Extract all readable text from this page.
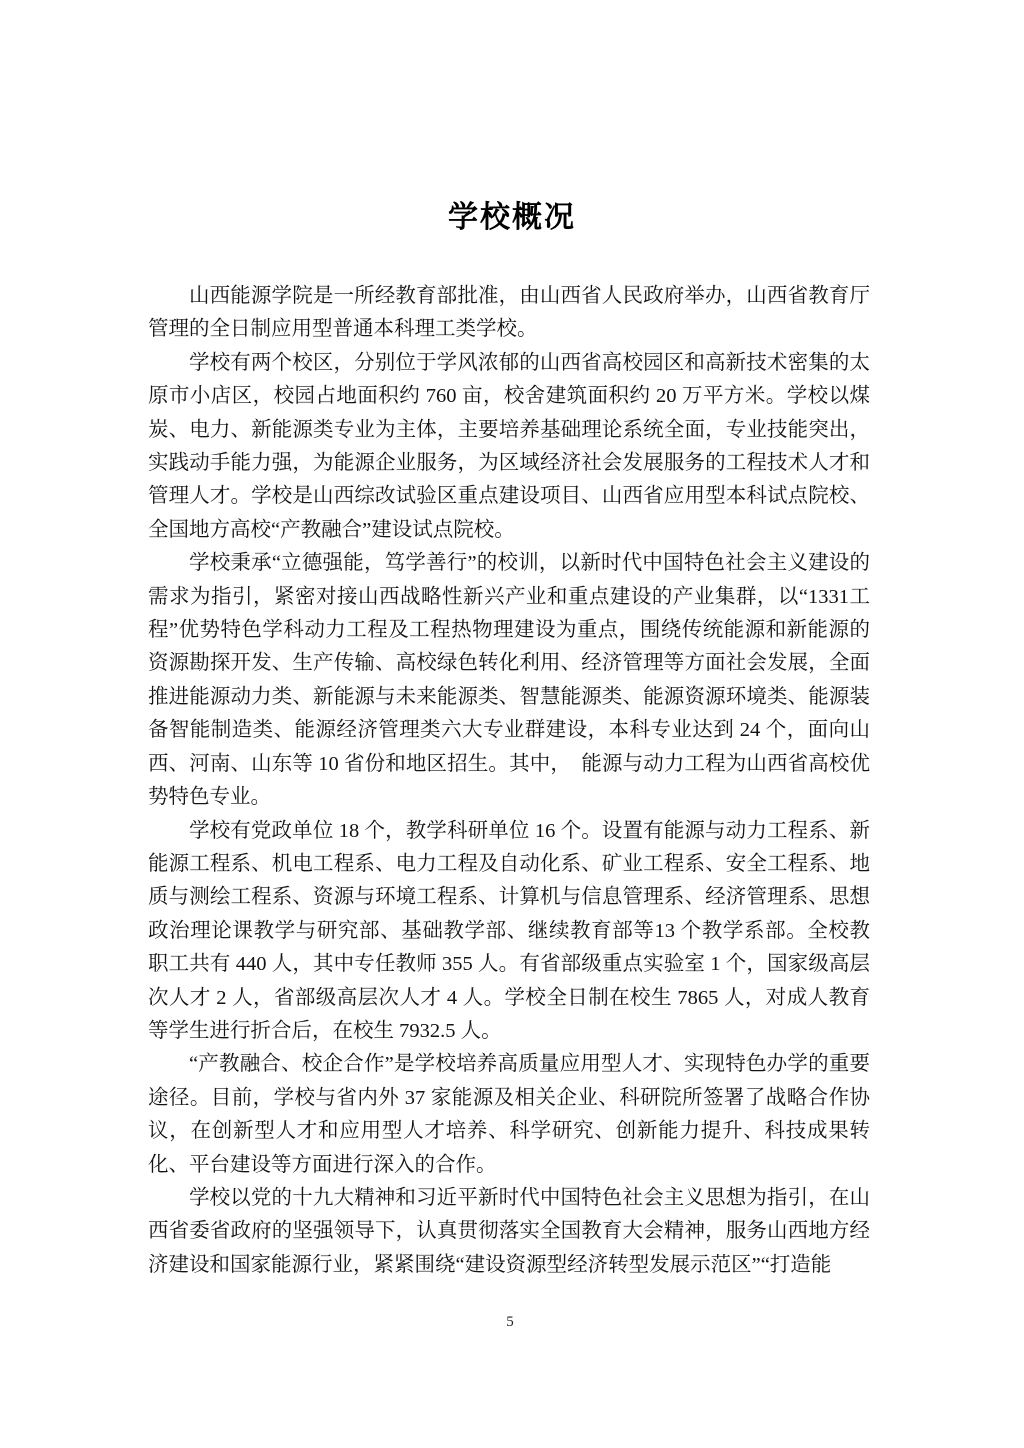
学校概况

山西能源学院是一所经教育部批准，由山西省人民政府举办，山西省教育厅管理的全日制应用型普通本科理工类学校。

学校有两个校区，分别位于学风浓郁的山西省高校园区和高新技术密集的太原市小店区，校园占地面积约 760 亩，校舍建筑面积约 20 万平方米。学校以煤炭、电力、新能源类专业为主体，主要培养基础理论系统全面，专业技能突出，实践动手能力强，为能源企业服务，为区域经济社会发展服务的工程技术人才和管理人才。学校是山西综改试验区重点建设项目、山西省应用型本科试点院校、全国地方高校“产教融合”建设试点院校。

学校秉承“立德强能，笃学善行”的校训，以新时代中国特色社会主义建设的需求为指引，紧密对接山西战略性新兴产业和重点建设的产业集群，以“1331工程”优势特色学科动力工程及工程热物理建设为重点，围绕传统能源和新能源的资源勘探开发、生产传输、高校绿色转化利用、经济管理等方面社会发展，全面推进能源动力类、新能源与未来能源类、智慧能源类、能源资源环境类、能源装备智能制造类、能源经济管理类六大专业群建设，本科专业达到 24 个，面向山西、河南、山东等 10 省份和地区招生。其中，　能源与动力工程为山西省高校优势特色专业。

学校有党政单位 18 个，教学科研单位 16 个。设置有能源与动力工程系、新能源工程系、机电工程系、电力工程及自动化系、矿业工程系、安全工程系、地质与测绘工程系、资源与环境工程系、计算机与信息管理系、经济管理系、思想政治理论课教学与研究部、基础教学部、继续教育部等13 个教学系部。全校教职工共有 440 人，其中专任教师 355 人。有省部级重点实验室 1 个，国家级高层次人才 2 人，省部级高层次人才 4 人。学校全日制在校生 7865 人，对成人教育等学生进行折合后，在校生 7932.5 人。

“产教融合、校企合作”是学校培养高质量应用型人才、实现特色办学的重要途径。目前，学校与省内外 37 家能源及相关企业、科研院所签署了战略合作协议，在创新型人才和应用型人才培养、科学研究、创新能力提升、科技成果转化、平台建设等方面进行深入的合作。

学校以党的十九大精神和习近平新时代中国特色社会主义思想为指引，在山西省委省政府的坚强领导下，认真贯彻落实全国教育大会精神，服务山西地方经济建设和国家能源行业，紧紧围绕“建设资源型经济转型发展示范区”“打造能

5
